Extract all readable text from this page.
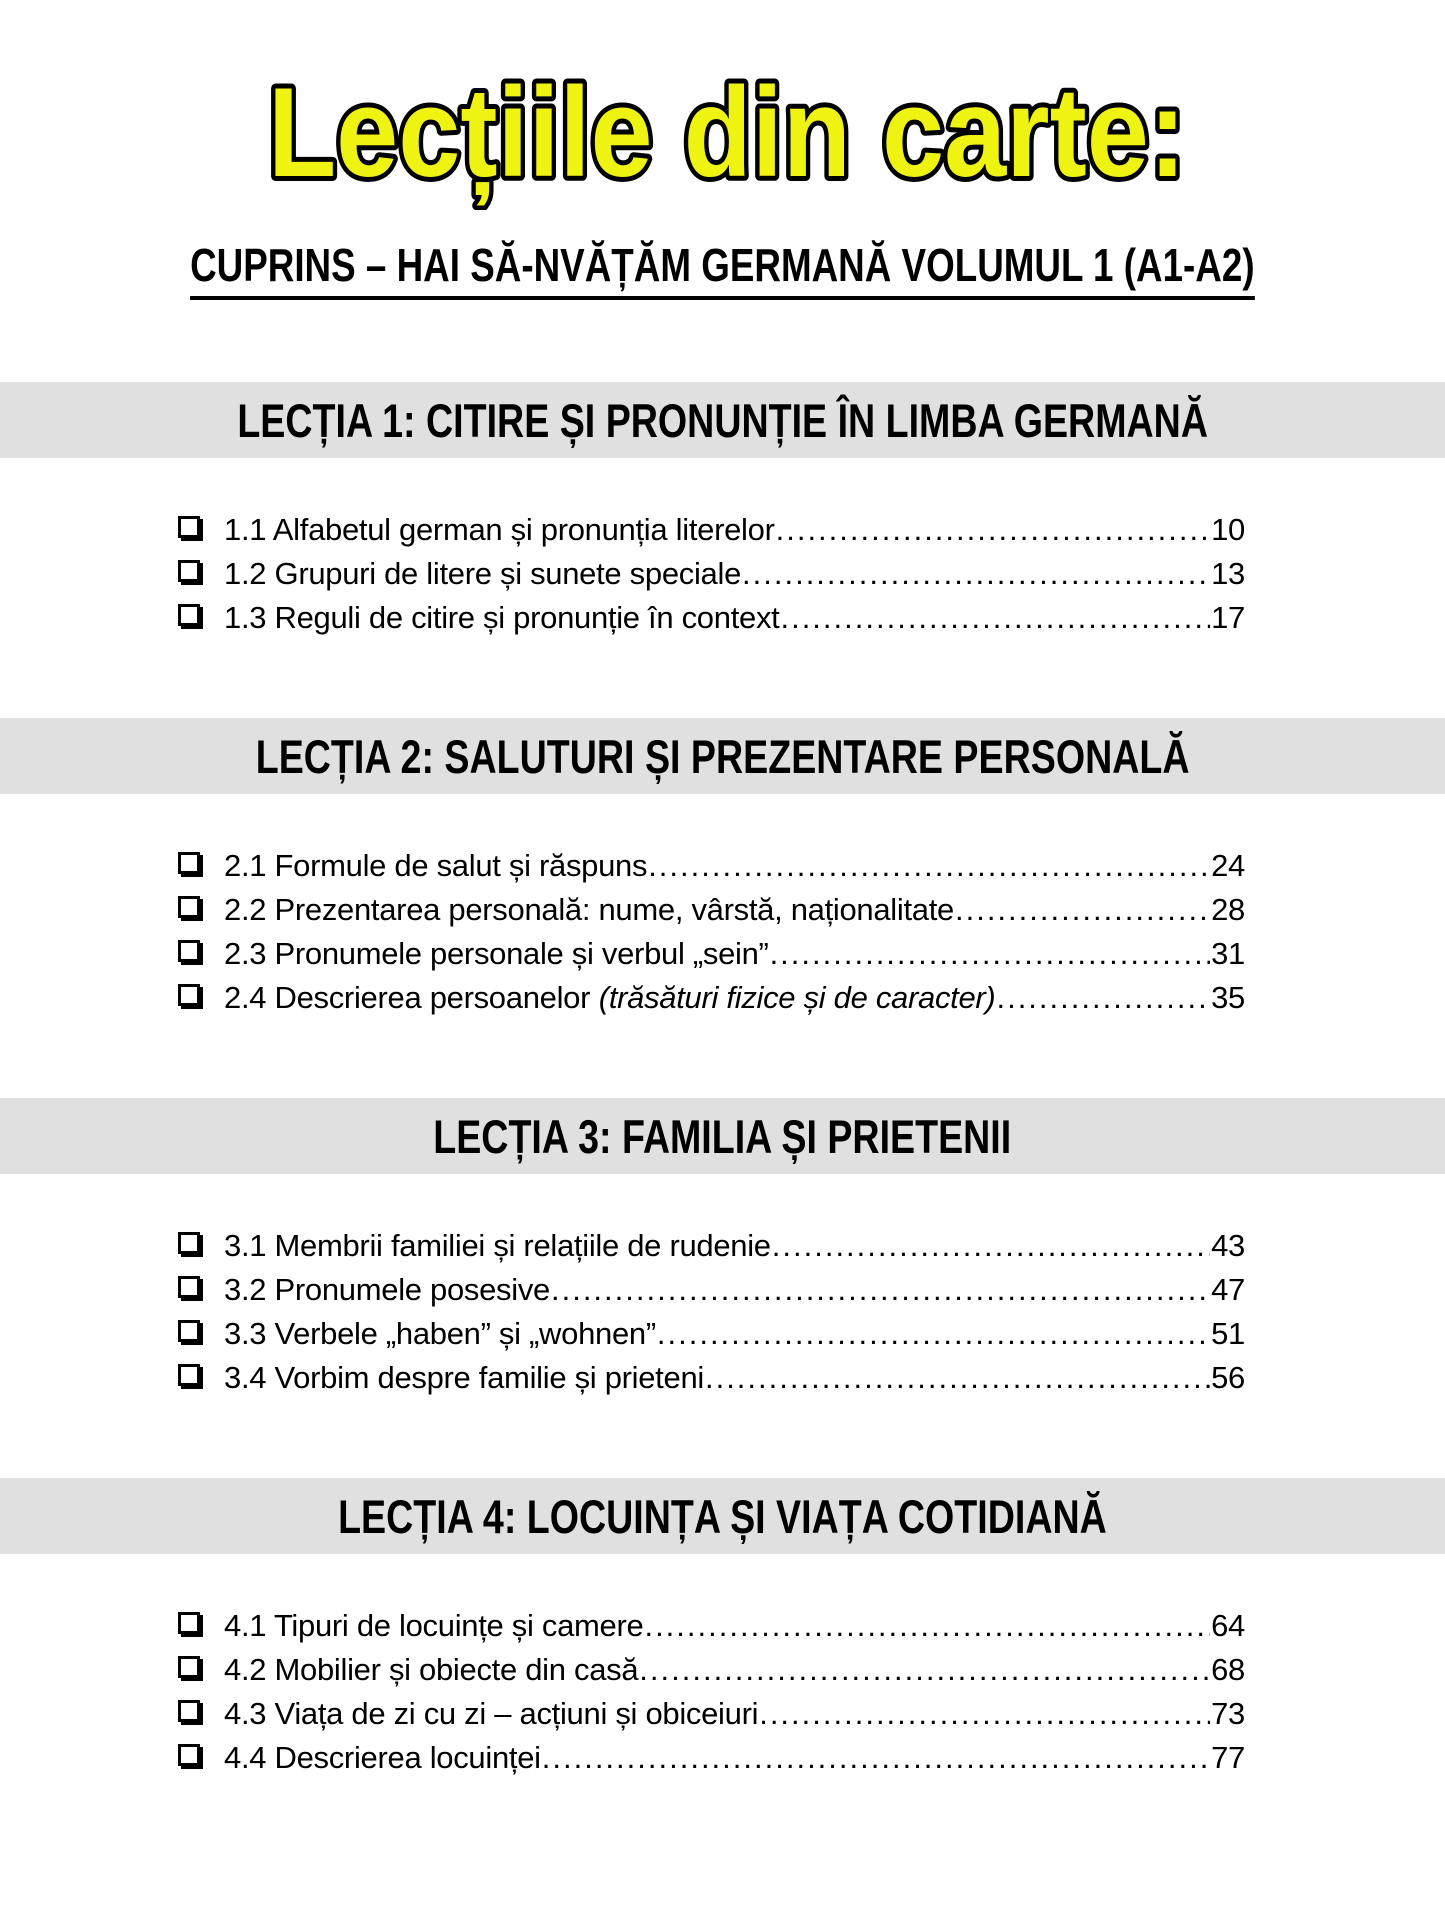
Lecțiile din carte:
CUPRINS – HAI SĂ-NVĂȚĂM GERMANĂ VOLUMUL 1 (A1-A2)
LECȚIA 1: CITIRE ȘI PRONUNȚIE ÎN LIMBA GERMANĂ
1.1 Alfabetul german și pronunția literelor .....	10
1.2 Grupuri de litere și sunete speciale .....	13
1.3 Reguli de citire și pronunție în context .....	17
LECȚIA 2: SALUTURI ȘI PREZENTARE PERSONALĂ
2.1 Formule de salut și răspuns .....	24
2.2 Prezentarea personală: nume, vârstă, naționalitate .....	28
2.3 Pronumele personale și verbul „sein” .....	31
2.4 Descrierea persoanelor (trăsături fizice și de caracter) .....	35
LECȚIA 3: FAMILIA ȘI PRIETENII
3.1 Membrii familiei și relațiile de rudenie .....	43
3.2 Pronumele posesive .....	47
3.3 Verbele „haben” și „wohnen” .....	51
3.4 Vorbim despre familie și prieteni .....	56
LECȚIA 4: LOCUINȚA ȘI VIAȚA COTIDIANĂ
4.1 Tipuri de locuințe și camere .....	64
4.2 Mobilier și obiecte din casă .....	68
4.3 Viața de zi cu zi – acțiuni și obiceiuri .....	73
4.4 Descrierea locuinței .....	77
